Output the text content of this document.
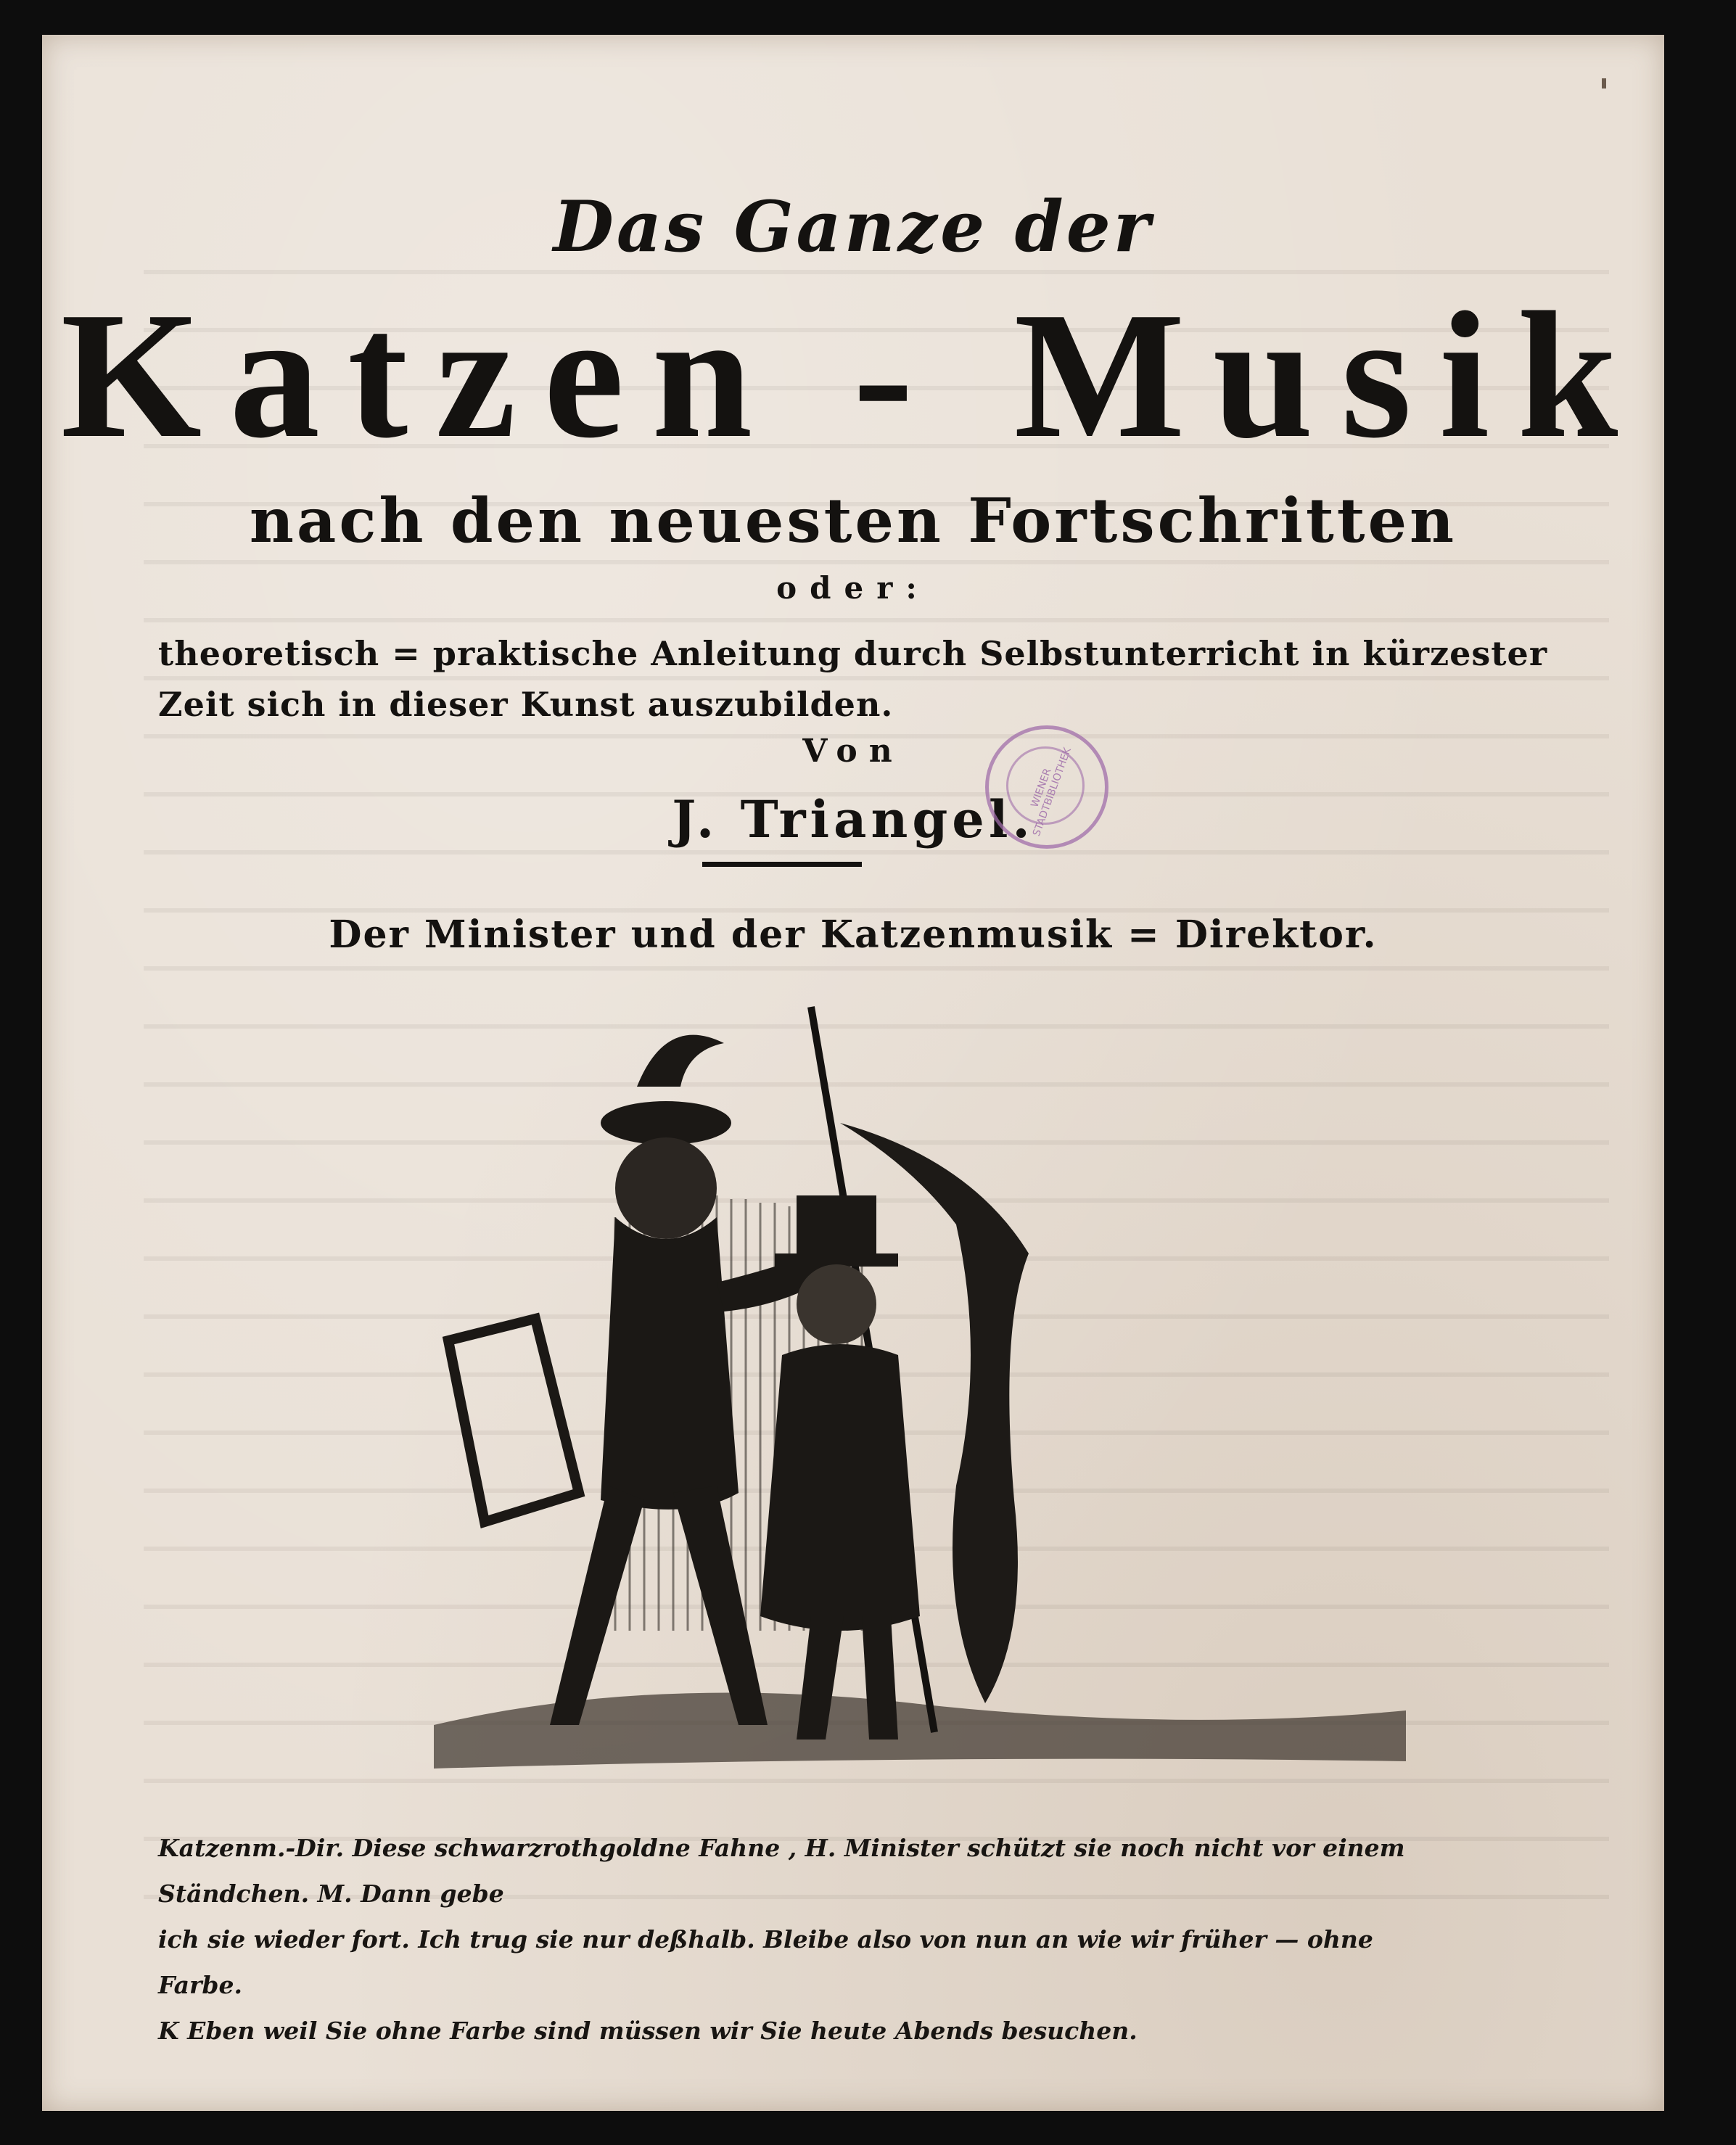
Das Ganze der
Katzen - Musik
nach den neuesten Fortschritten
oder:
theoretisch = praktische Anleitung durch Selbstunterricht in kürzester Zeit sich in dieser Kunst auszubilden.
Von
J. Triangel.
WIENER STADTBIBLIOTHEK
Der Minister und der Katzenmusik = Direktor.
Katzenm.-Dir. Diese schwarzrothgoldne Fahne , H. Minister schützt sie noch nicht vor einem Ständchen. M. Dann gebe
ich sie wieder fort. Ich trug sie nur deßhalb. Bleibe also von nun an wie wir früher — ohne Farbe.
K Eben weil Sie ohne Farbe sind müssen wir Sie heute Abends besuchen.
